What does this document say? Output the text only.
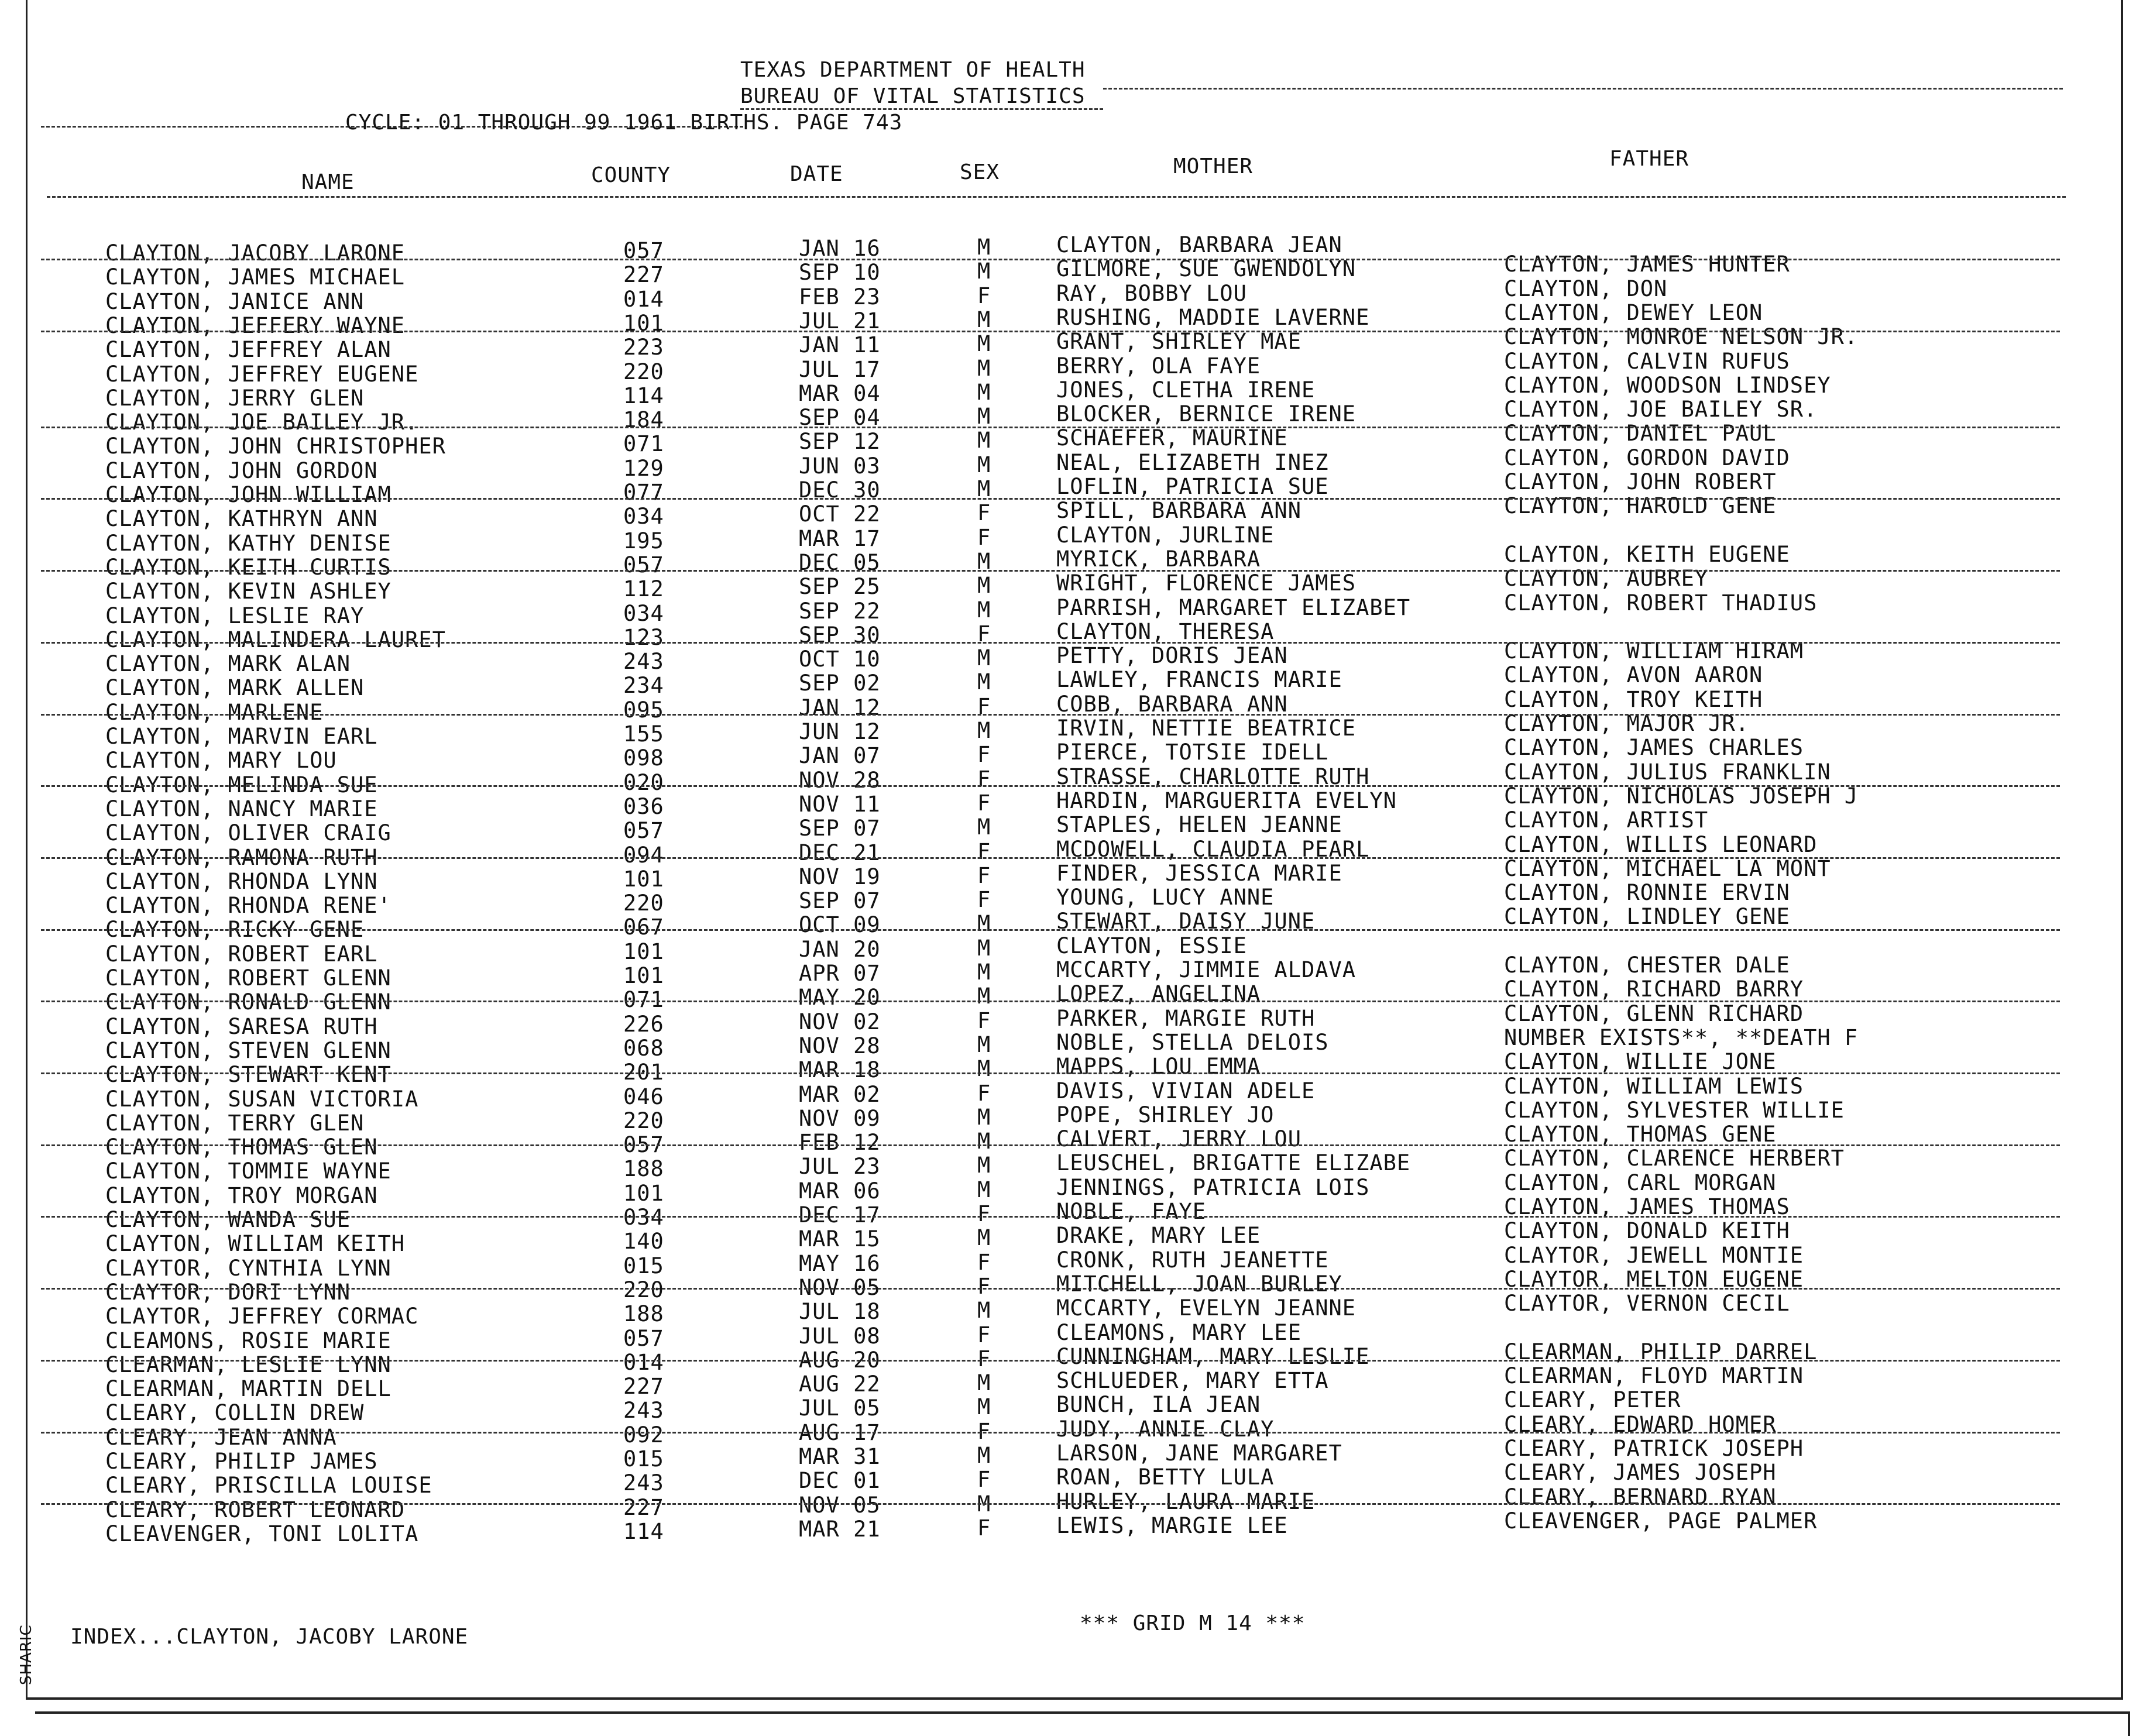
TEXAS DEPARTMENT OF HEALTH
BUREAU OF VITAL STATISTICS
CYCLE: 01 THROUGH 99 1961 BIRTHS. PAGE 743
NAME	COUNTY	DATE	SEX	MOTHER	FATHER
CLAYTON, JACOBY LARONE	057	JAN 16	M	CLAYTON, BARBARA JEAN
CLAYTON, JAMES MICHAEL	227	SEP 10	M	GILMORE, SUE GWENDOLYN	CLAYTON, JAMES HUNTER
CLAYTON, JANICE ANN	014	FEB 23	F	RAY, BOBBY LOU	CLAYTON, DON
CLAYTON, JEFFERY WAYNE	101	JUL 21	M	RUSHING, MADDIE LAVERNE	CLAYTON, DEWEY LEON
CLAYTON, JEFFREY ALAN	223	JAN 11	M	GRANT, SHIRLEY MAE	CLAYTON, MONROE NELSON JR.
CLAYTON, JEFFREY EUGENE	220	JUL 17	M	BERRY, OLA FAYE	CLAYTON, CALVIN RUFUS
CLAYTON, JERRY GLEN	114	MAR 04	M	JONES, CLETHA IRENE	CLAYTON, WOODSON LINDSEY
CLAYTON, JOE BAILEY JR.	184	SEP 04	M	BLOCKER, BERNICE IRENE	CLAYTON, JOE BAILEY SR.
CLAYTON, JOHN CHRISTOPHER	071	SEP 12	M	SCHAEFER, MAURINE	CLAYTON, DANIEL PAUL
CLAYTON, JOHN GORDON	129	JUN 03	M	NEAL, ELIZABETH INEZ	CLAYTON, GORDON DAVID
CLAYTON, JOHN WILLIAM	077	DEC 30	M	LOFLIN, PATRICIA SUE	CLAYTON, JOHN ROBERT
CLAYTON, KATHRYN ANN	034	OCT 22	F	SPILL, BARBARA ANN	CLAYTON, HAROLD GENE
CLAYTON, KATHY DENISE	195	MAR 17	F	CLAYTON, JURLINE
CLAYTON, KEITH CURTIS	057	DEC 05	M	MYRICK, BARBARA	CLAYTON, KEITH EUGENE
CLAYTON, KEVIN ASHLEY	112	SEP 25	M	WRIGHT, FLORENCE JAMES	CLAYTON, AUBREY
CLAYTON, LESLIE RAY	034	SEP 22	M	PARRISH, MARGARET ELIZABET	CLAYTON, ROBERT THADIUS
CLAYTON, MALINDERA LAURET	123	SEP 30	F	CLAYTON, THERESA
CLAYTON, MARK ALAN	243	OCT 10	M	PETTY, DORIS JEAN	CLAYTON, WILLIAM HIRAM
CLAYTON, MARK ALLEN	234	SEP 02	M	LAWLEY, FRANCIS MARIE	CLAYTON, AVON AARON
CLAYTON, MARLENE	095	JAN 12	F	COBB, BARBARA ANN	CLAYTON, TROY KEITH
CLAYTON, MARVIN EARL	155	JUN 12	M	IRVIN, NETTIE BEATRICE	CLAYTON, MAJOR JR.
CLAYTON, MARY LOU	098	JAN 07	F	PIERCE, TOTSIE IDELL	CLAYTON, JAMES CHARLES
CLAYTON, MELINDA SUE	020	NOV 28	F	STRASSE, CHARLOTTE RUTH	CLAYTON, JULIUS FRANKLIN
CLAYTON, NANCY MARIE	036	NOV 11	F	HARDIN, MARGUERITA EVELYN	CLAYTON, NICHOLAS JOSEPH J
CLAYTON, OLIVER CRAIG	057	SEP 07	M	STAPLES, HELEN JEANNE	CLAYTON, ARTIST
CLAYTON, RAMONA RUTH	094	DEC 21	F	MCDOWELL, CLAUDIA PEARL	CLAYTON, WILLIS LEONARD
CLAYTON, RHONDA LYNN	101	NOV 19	F	FINDER, JESSICA MARIE	CLAYTON, MICHAEL LA MONT
CLAYTON, RHONDA RENE'	220	SEP 07	F	YOUNG, LUCY ANNE	CLAYTON, RONNIE ERVIN
CLAYTON, RICKY GENE	067	OCT 09	M	STEWART, DAISY JUNE	CLAYTON, LINDLEY GENE
CLAYTON, ROBERT EARL	101	JAN 20	M	CLAYTON, ESSIE
CLAYTON, ROBERT GLENN	101	APR 07	M	MCCARTY, JIMMIE ALDAVA	CLAYTON, CHESTER DALE
CLAYTON, RONALD GLENN	071	MAY 20	M	LOPEZ, ANGELINA	CLAYTON, RICHARD BARRY
CLAYTON, SARESA RUTH	226	NOV 02	F	PARKER, MARGIE RUTH	CLAYTON, GLENN RICHARD
CLAYTON, STEVEN GLENN	068	NOV 28	M	NOBLE, STELLA DELOIS	NUMBER EXISTS**, **DEATH F
CLAYTON, STEWART KENT	201	MAR 18	M	MAPPS, LOU EMMA	CLAYTON, WILLIE JONE
CLAYTON, SUSAN VICTORIA	046	MAR 02	F	DAVIS, VIVIAN ADELE	CLAYTON, WILLIAM LEWIS
CLAYTON, TERRY GLEN	220	NOV 09	M	POPE, SHIRLEY JO	CLAYTON, SYLVESTER WILLIE
CLAYTON, THOMAS GLEN	057	FEB 12	M	CALVERT, JERRY LOU	CLAYTON, THOMAS GENE
CLAYTON, TOMMIE WAYNE	188	JUL 23	M	LEUSCHEL, BRIGATTE ELIZABE	CLAYTON, CLARENCE HERBERT
CLAYTON, TROY MORGAN	101	MAR 06	M	JENNINGS, PATRICIA LOIS	CLAYTON, CARL MORGAN
CLAYTON, WANDA SUE	034	DEC 17	F	NOBLE, FAYE	CLAYTON, JAMES THOMAS
CLAYTON, WILLIAM KEITH	140	MAR 15	M	DRAKE, MARY LEE	CLAYTON, DONALD KEITH
CLAYTOR, CYNTHIA LYNN	015	MAY 16	F	CRONK, RUTH JEANETTE	CLAYTOR, JEWELL MONTIE
CLAYTOR, DORI LYNN	220	NOV 05	F	MITCHELL, JOAN BURLEY	CLAYTOR, MELTON EUGENE
CLAYTOR, JEFFREY CORMAC	188	JUL 18	M	MCCARTY, EVELYN JEANNE	CLAYTOR, VERNON CECIL
CLEAMONS, ROSIE MARIE	057	JUL 08	F	CLEAMONS, MARY LEE
CLEARMAN, LESLIE LYNN	014	AUG 20	F	CUNNINGHAM, MARY LESLIE	CLEARMAN, PHILIP DARREL
CLEARMAN, MARTIN DELL	227	AUG 22	M	SCHLUEDER, MARY ETTA	CLEARMAN, FLOYD MARTIN
CLEARY, COLLIN DREW	243	JUL 05	M	BUNCH, ILA JEAN	CLEARY, PETER
CLEARY, JEAN ANNA	092	AUG 17	F	JUDY, ANNIE CLAY	CLEARY, EDWARD HOMER
CLEARY, PHILIP JAMES	015	MAR 31	M	LARSON, JANE MARGARET	CLEARY, PATRICK JOSEPH
CLEARY, PRISCILLA LOUISE	243	DEC 01	F	ROAN, BETTY LULA	CLEARY, JAMES JOSEPH
CLEARY, ROBERT LEONARD	227	NOV 05	M	HURLEY, LAURA MARIE	CLEARY, BERNARD RYAN
CLEAVENGER, TONI LOLITA	114	MAR 21	F	LEWIS, MARGIE LEE	CLEAVENGER, PAGE PALMER
INDEX...CLAYTON, JACOBY LARONE
*** GRID M 14 ***
SHARIC
